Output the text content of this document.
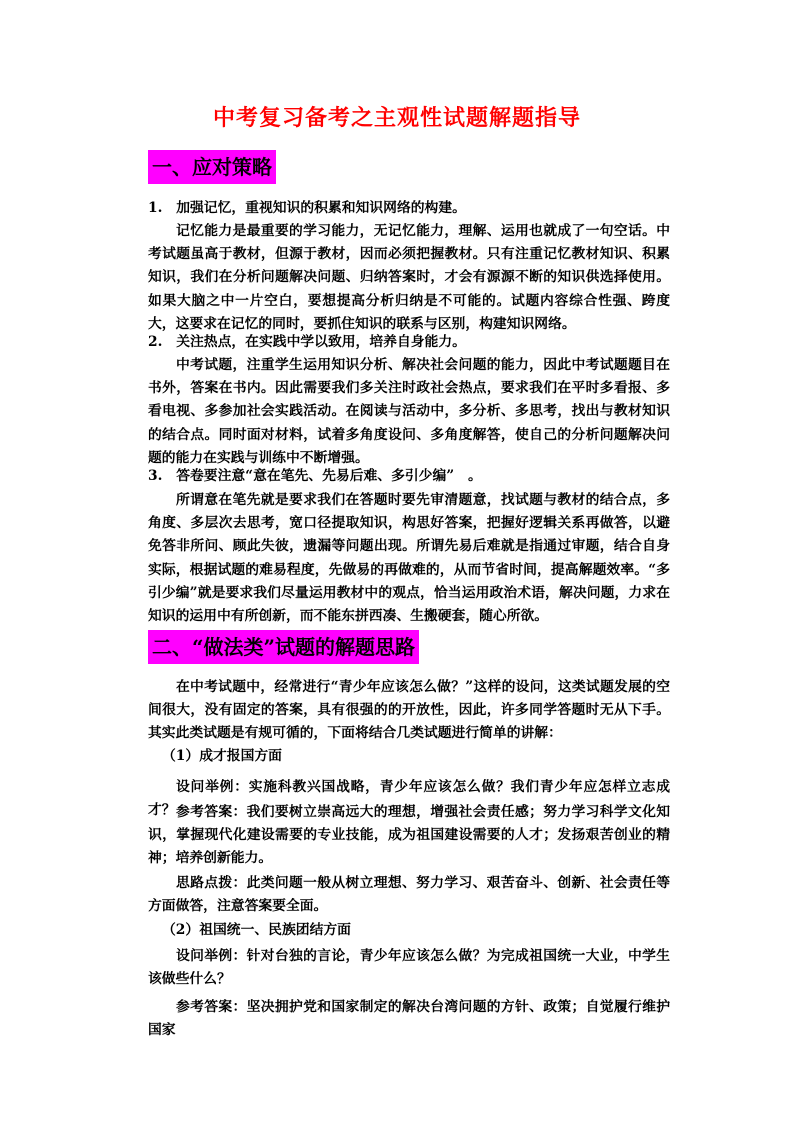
中考复习备考之主观性试题解题指导
一、应对策略
1.　加强记忆，重视知识的积累和知识网络的构建。
记忆能力是最重要的学习能力，无记忆能力，理解、运用也就成了一句空话。中考试题虽高于教材，但源于教材，因而必须把握教材。只有注重记忆教材知识、积累知识，我们在分析问题解决问题、归纳答案时，才会有源源不断的知识供选择使用。如果大脑之中一片空白，要想提高分析归纳是不可能的。试题内容综合性强、跨度大，这要求在记忆的同时，要抓住知识的联系与区别，构建知识网络。
2.　关注热点，在实践中学以致用，培养自身能力。
中考试题，注重学生运用知识分析、解决社会问题的能力，因此中考试题题目在书外，答案在书内。因此需要我们多关注时政社会热点，要求我们在平时多看报、多看电视、多参加社会实践活动。在阅读与活动中，多分析、多思考，找出与教材知识的结合点。同时面对材料，试着多角度设问、多角度解答，使自己的分析问题解决问题的能力在实践与训练中不断增强。
3.　答卷要注意“意在笔先、先易后难、多引少编”　。
所谓意在笔先就是要求我们在答题时要先审清题意，找试题与教材的结合点，多角度、多层次去思考，宽口径提取知识，构思好答案，把握好逻辑关系再做答，以避免答非所问、顾此失彼，遗漏等问题出现。所谓先易后难就是指通过审题，结合自身实际，根据试题的难易程度，先做易的再做难的，从而节省时间，提高解题效率。“多引少编”就是要求我们尽量运用教材中的观点，恰当运用政治术语，解决问题，力求在知识的运用中有所创新，而不能东拼西凑、生搬硬套，随心所欲。
二、“做法类”试题的解题思路
在中考试题中，经常进行“青少年应该怎么做？”这样的设问，这类试题发展的空间很大，没有固定的答案，具有很强的的开放性，因此，许多同学答题时无从下手。其实此类试题是有规可循的，下面将结合几类试题进行简单的讲解：
（1）成才报国方面
设问举例：实施科教兴国战略，青少年应该怎么做？我们青少年应怎样立志成才？ 参考答案：我们要树立崇高远大的理想，增强社会责任感；努力学习科学文化知识，掌握现代化建设需要的专业技能，成为祖国建设需要的人才；发扬艰苦创业的精神；培养创新能力。
思路点拨：此类问题一般从树立理想、努力学习、艰苦奋斗、创新、社会责任等方面做答，注意答案要全面。
（2）祖国统一、民族团结方面
设问举例：针对台独的言论，青少年应该怎么做？为完成祖国统一大业，中学生该做些什么？
参考答案：坚决拥护党和国家制定的解决台湾问题的方针、政策；自觉履行维护国家
